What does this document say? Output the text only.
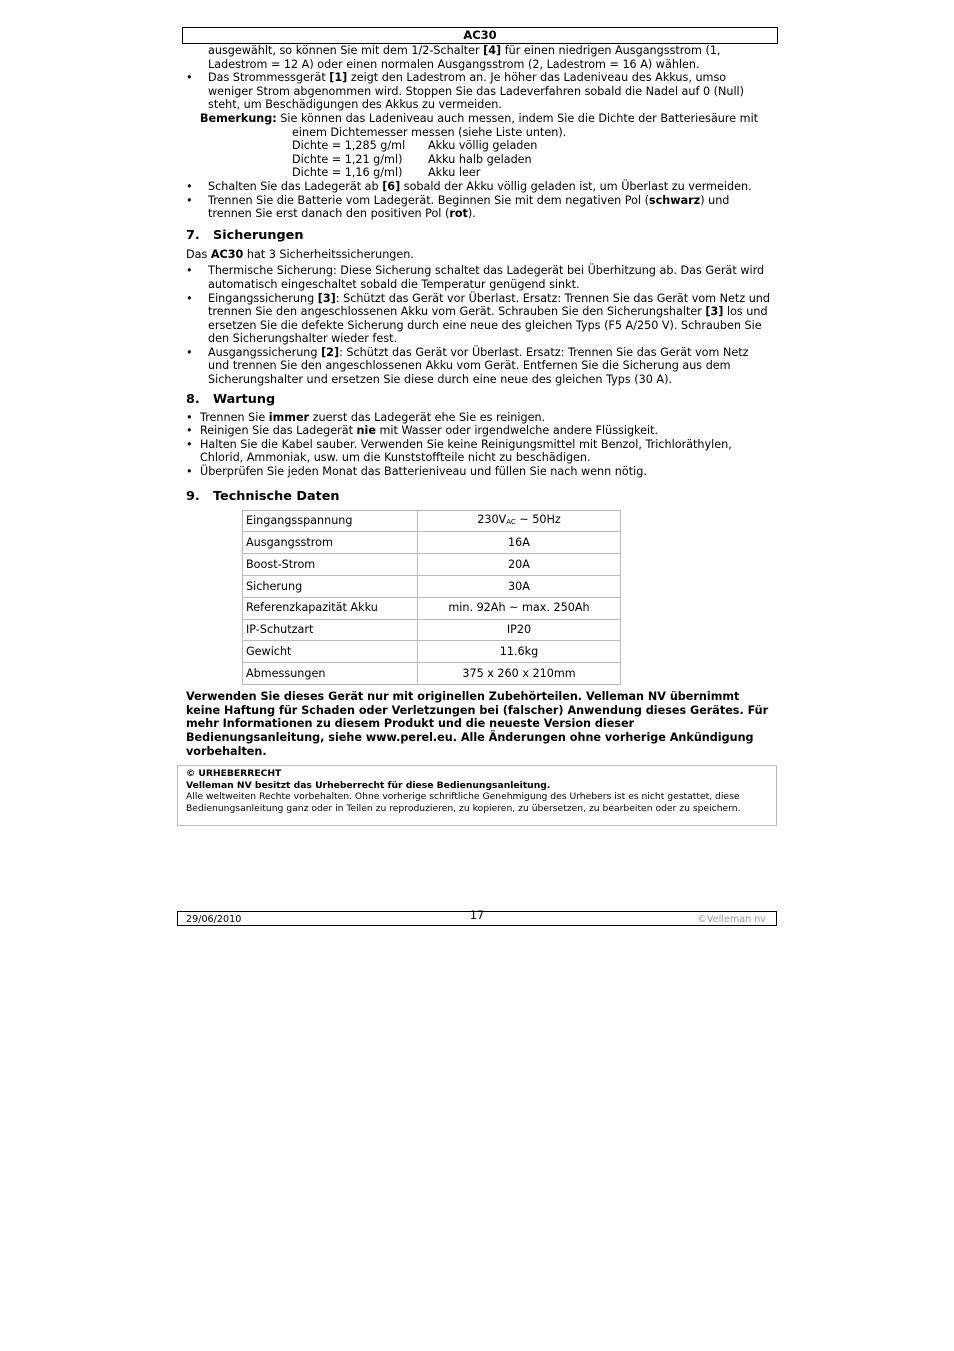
AC30
ausgewählt, so können Sie mit dem 1/2-Schalter [4] für einen niedrigen Ausgangsstrom (1, Ladestrom = 12 A) oder einen normalen Ausgangsstrom (2, Ladestrom = 16 A) wählen.
• Das Strommessgerät [1] zeigt den Ladestrom an. Je höher das Ladeniveau des Akkus, umso weniger Strom abgenommen wird. Stoppen Sie das Ladeverfahren sobald die Nadel auf 0 (Null) steht, um Beschädigungen des Akkus zu vermeiden.
Bemerkung:
Sie können das Ladeniveau auch messen, indem Sie die Dichte der Batteriesäure mit
einem Dichtemesser messen (siehe Liste unten).
Dichte = 1,285 g/ml	Akku völlig geladen
Dichte = 1,21 g/ml)	Akku halb geladen
Dichte = 1,16 g/ml)	Akku leer
• Schalten Sie das Ladegerät ab [6] sobald der Akku völlig geladen ist, um Überlast zu vermeiden.
• Trennen Sie die Batterie vom Ladegerät. Beginnen Sie mit dem negativen Pol (schwarz) und trennen Sie erst danach den positiven Pol (rot).
7. Sicherungen
Das AC30 hat 3 Sicherheitssicherungen.
• Thermische Sicherung: Diese Sicherung schaltet das Ladegerät bei Überhitzung ab. Das Gerät wird automatisch eingeschaltet sobald die Temperatur genügend sinkt.
• Eingangssicherung [3]: Schützt das Gerät vor Überlast. Ersatz: Trennen Sie das Gerät vom Netz und trennen Sie den angeschlossenen Akku vom Gerät. Schrauben Sie den Sicherungshalter [3] los und ersetzen Sie die defekte Sicherung durch eine neue des gleichen Typs (F5 A/250 V). Schrauben Sie den Sicherungshalter wieder fest.
• Ausgangssicherung [2]: Schützt das Gerät vor Überlast. Ersatz: Trennen Sie das Gerät vom Netz und trennen Sie den angeschlossenen Akku vom Gerät. Entfernen Sie die Sicherung aus dem Sicherungshalter und ersetzen Sie diese durch eine neue des gleichen Typs (30 A).
8. Wartung
• Trennen Sie immer zuerst das Ladegerät ehe Sie es reinigen.
• Reinigen Sie das Ladegerät nie mit Wasser oder irgendwelche andere Flüssigkeit.
• Halten Sie die Kabel sauber. Verwenden Sie keine Reinigungsmittel mit Benzol, Trichloräthylen, Chlorid, Ammoniak, usw. um die Kunststoffteile nicht zu beschädigen.
• Überprüfen Sie jeden Monat das Batterieniveau und füllen Sie nach wenn nötig.
9. Technische Daten
Eingangsspannung	$230V_{AC}$ ~ 50Hz
Ausgangsstrom	16A
Boost-Strom	20A
Sicherung	30A
Referenzkapazität Akku	min. 92Ah ~ max. 250Ah
IP-Schutzart	IP20
Gewicht	11.6kg
Abmessungen	375 x 260 x 210mm
Verwenden Sie dieses Gerät nur mit originellen Zubehörteilen. Velleman NV übernimmt keine Haftung für Schaden oder Verletzungen bei (falscher) Anwendung dieses Gerätes. Für mehr Informationen zu diesem Produkt und die neueste Version dieser Bedienungsanleitung, siehe www.perel.eu. Alle Änderungen ohne vorherige Ankündigung vorbehalten.
© URHEBERRECHT
Velleman NV besitzt das Urheberrecht für diese Bedienungsanleitung.
Alle weltweiten Rechte vorbehalten. Ohne vorherige schriftliche Genehmigung des Urhebers ist es nicht gestattet, diese Bedienungsanleitung ganz oder in Teilen zu reproduzieren, zu kopieren, zu übersetzen, zu bearbeiten oder zu speichern.
29/06/2010	17	©Velleman nv
